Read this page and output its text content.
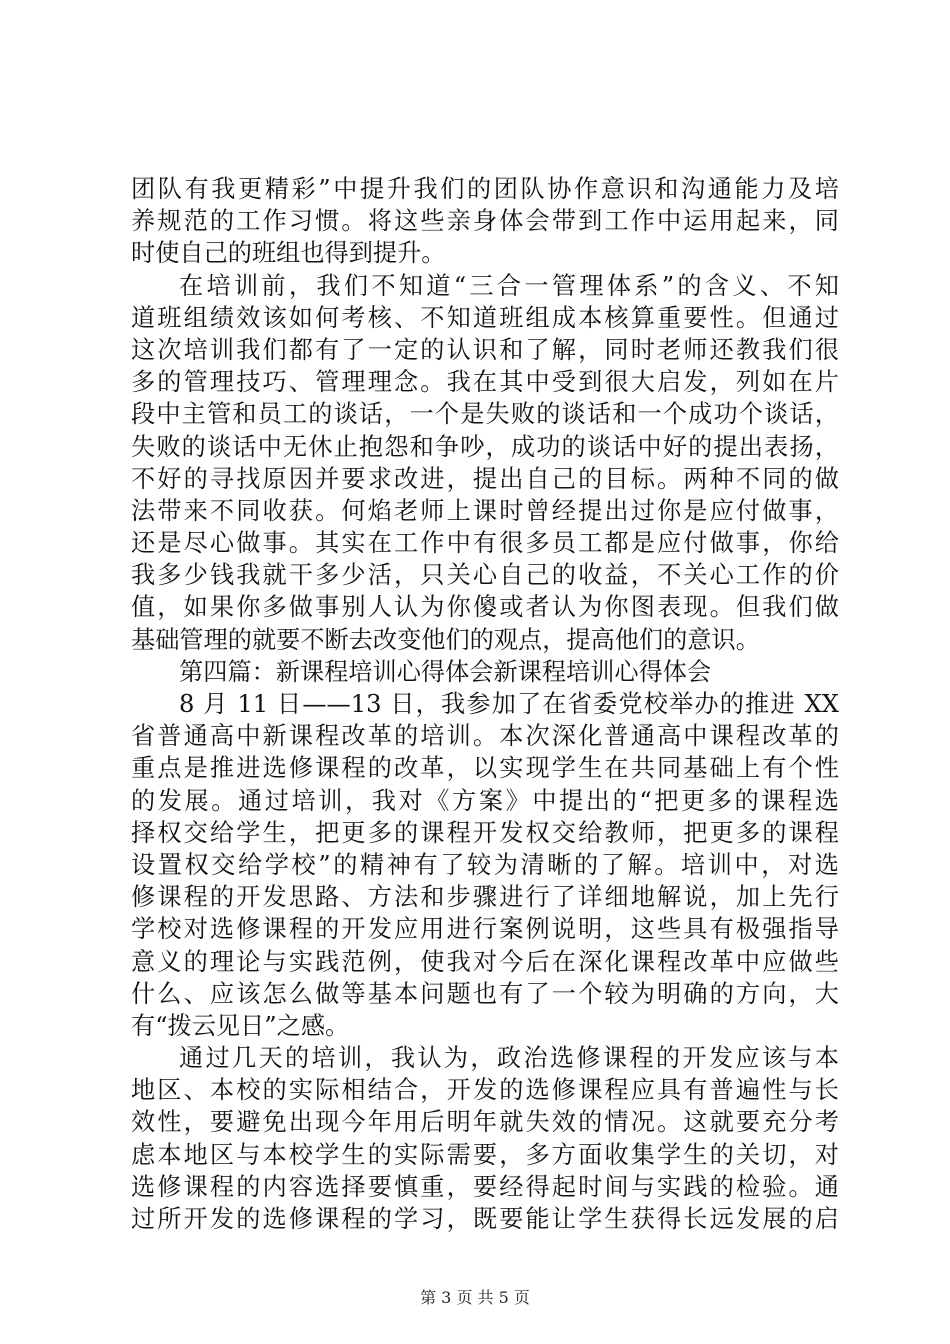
团队有我更精彩”中提升我们的团队协作意识和沟通能力及培
养规范的工作习惯。将这些亲身体会带到工作中运用起来，同
时使自己的班组也得到提升。
在培训前，我们不知道“三合一管理体系”的含义、不知
道班组绩效该如何考核、不知道班组成本核算重要性。但通过
这次培训我们都有了一定的认识和了解，同时老师还教我们很
多的管理技巧、管理理念。我在其中受到很大启发，列如在片
段中主管和员工的谈话，一个是失败的谈话和一个成功个谈话，
失败的谈话中无休止抱怨和争吵，成功的谈话中好的提出表扬，
不好的寻找原因并要求改进，提出自己的目标。两种不同的做
法带来不同收获。何焰老师上课时曾经提出过你是应付做事，
还是尽心做事。其实在工作中有很多员工都是应付做事，你给
我多少钱我就干多少活，只关心自己的收益，不关心工作的价
值，如果你多做事别人认为你傻或者认为你图表现。但我们做
基础管理的就要不断去改变他们的观点，提高他们的意识。
第四篇：新课程培训心得体会新课程培训心得体会
8 月 11 日——13 日，我参加了在省委党校举办的推进 XX
省普通高中新课程改革的培训。本次深化普通高中课程改革的
重点是推进选修课程的改革，以实现学生在共同基础上有个性
的发展。通过培训，我对《方案》中提出的“把更多的课程选
择权交给学生，把更多的课程开发权交给教师，把更多的课程
设置权交给学校”的精神有了较为清晰的了解。培训中，对选
修课程的开发思路、方法和步骤进行了详细地解说，加上先行
学校对选修课程的开发应用进行案例说明，这些具有极强指导
意义的理论与实践范例，使我对今后在深化课程改革中应做些
什么、应该怎么做等基本问题也有了一个较为明确的方向，大
有“拨云见日”之感。
通过几天的培训，我认为，政治选修课程的开发应该与本
地区、本校的实际相结合，开发的选修课程应具有普遍性与长
效性，要避免出现今年用后明年就失效的情况。这就要充分考
虑本地区与本校学生的实际需要，多方面收集学生的关切，对
选修课程的内容选择要慎重，要经得起时间与实践的检验。通
过所开发的选修课程的学习，既要能让学生获得长远发展的启
第 3 页 共 5 页
